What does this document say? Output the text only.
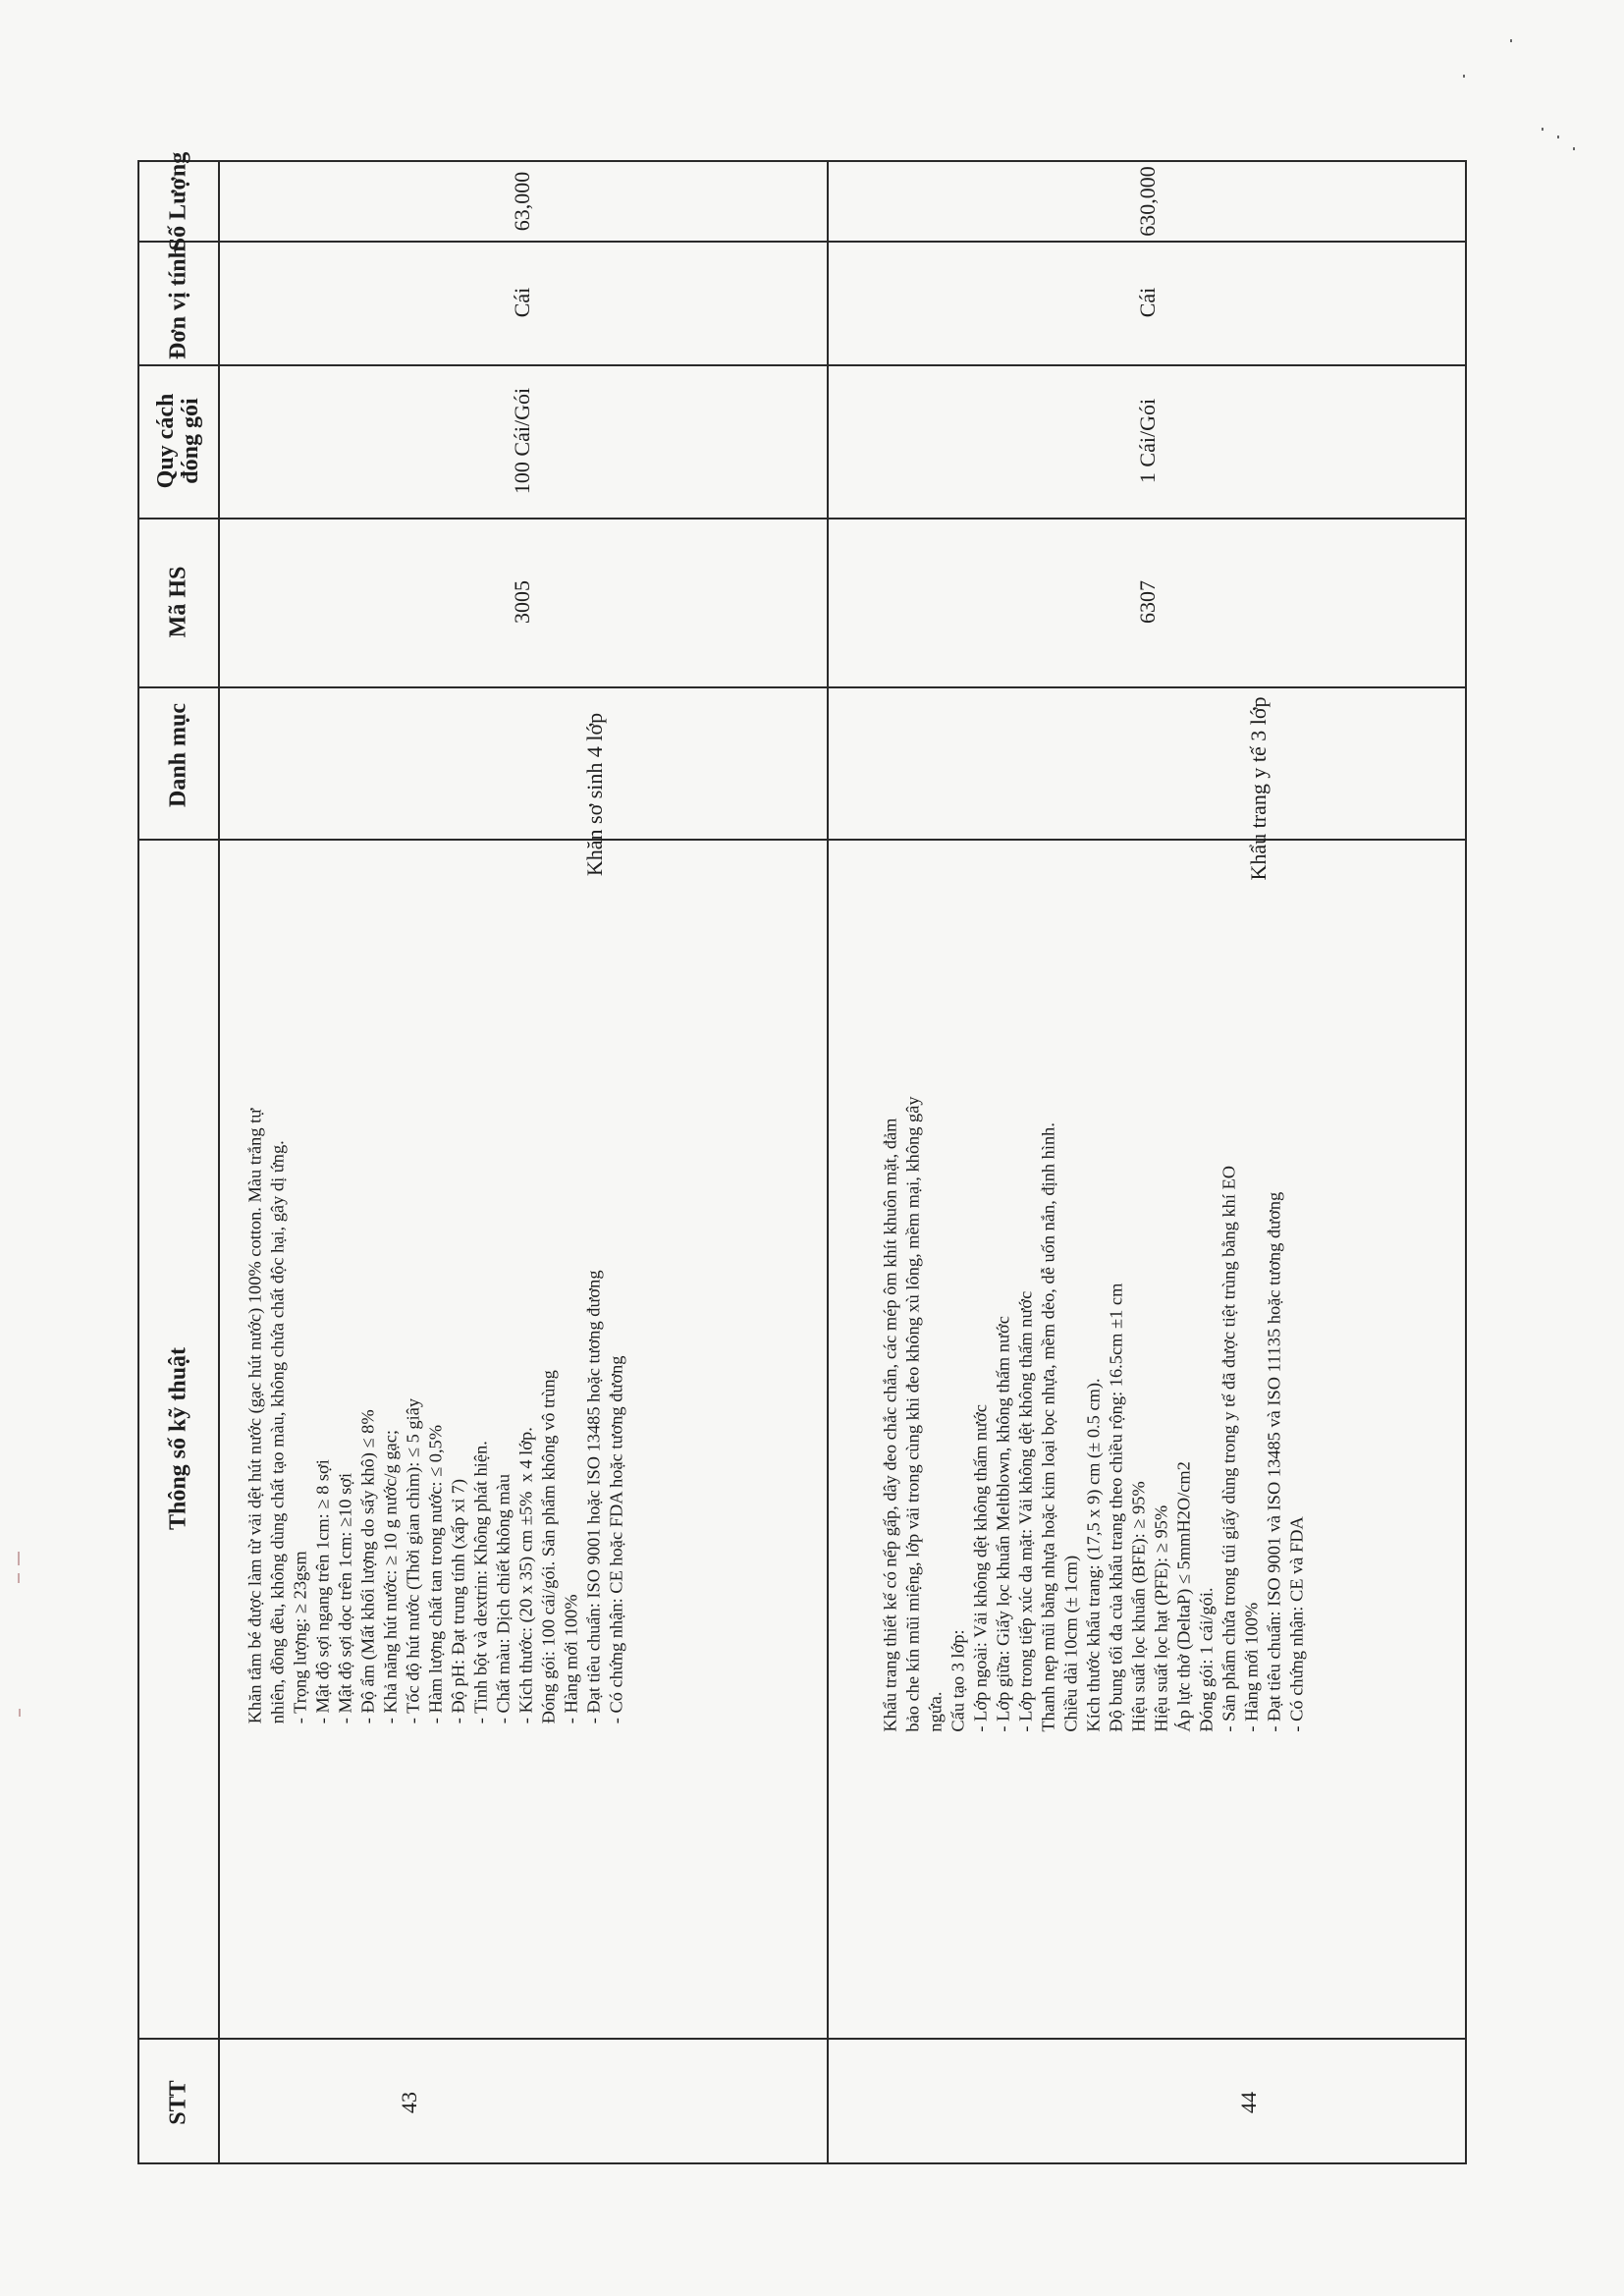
Số Lượng
Đơn vị tính
Quy cách đóng gói
Mã HS
Danh mục
Thông số kỹ thuật
STT
63,000
Cái
100 Cái/Gói
3005
Khăn sơ sinh 4 lớp
Khăn tắm bé được làm từ vải dệt hút nước (gạc hút nước) 100% cotton. Màu trắng tự
nhiên, đồng đều, không dùng chất tạo màu, không chứa chất độc hại, gây dị ứng.
- Trọng lượng: ≥ 23gsm
- Mật độ sợi ngang trên 1cm: ≥ 8 sợi
- Mật độ sợi dọc trên 1cm: ≥10 sợi
- Độ ẩm (Mất khối lượng do sấy khô) ≤ 8%
- Khả năng hút nước: ≥ 10 g nước/g gạc;
- Tốc độ hút nước (Thời gian chìm): ≤ 5 giây
- Hàm lượng chất tan trong nước: ≤ 0,5%
- Độ pH: Đạt trung tính (xấp xỉ 7)
- Tinh bột và dextrin: Không phát hiện.
- Chất màu: Dịch chiết không màu
- Kích thước: (20 x 35) cm ±5%  x 4 lớp.
Đóng gói: 100 cái/gói. Sản phẩm không vô trùng
- Hàng mới 100%
- Đạt tiêu chuẩn: ISO 9001 hoặc ISO 13485 hoặc tương đương
- Có chứng nhận: CE hoặc FDA hoặc tương đương
43
630,000
Cái
1 Cái/Gói
6307
Khẩu trang y tế 3 lớp
Khẩu trang thiết kế có nếp gấp, dây đeo chắc chắn, các mép ôm khít khuôn mặt, đảm
bảo che kín mũi miệng, lớp vải trong cùng khi đeo không xù lông, mềm mại, không gây
ngứa.
Cấu tạo 3 lớp:
- Lớp ngoài: Vải không dệt không thấm nước
- Lớp giữa: Giấy lọc khuẩn Meltblown, không thấm nước
- Lớp trong tiếp xúc da mặt: Vải không dệt không thấm nước
Thanh nẹp mũi bằng nhựa hoặc kim loại bọc nhựa, mềm dẻo, dễ uốn nắn, định hình.
Chiều dài 10cm (± 1cm)
Kích thước khẩu trang: (17,5 x 9) cm (± 0.5 cm).
Độ bung tối đa của khẩu trang theo chiều rộng: 16.5cm ±1 cm
Hiệu suất lọc khuẩn (BFE): ≥ 95%
Hiệu suất lọc hạt (PFE): ≥ 95%
Áp lực thở (DeltaP) ≤ 5mmH2O/cm2
Đóng gói: 1 cái/gói.
- Sản phẩm chứa trong túi giấy dùng trong y tế đã được tiệt trùng bằng khí EO
- Hàng mới 100%
- Đạt tiêu chuẩn: ISO 9001 và ISO 13485 và ISO 11135 hoặc tương đương
- Có chứng nhận: CE và FDA
44
